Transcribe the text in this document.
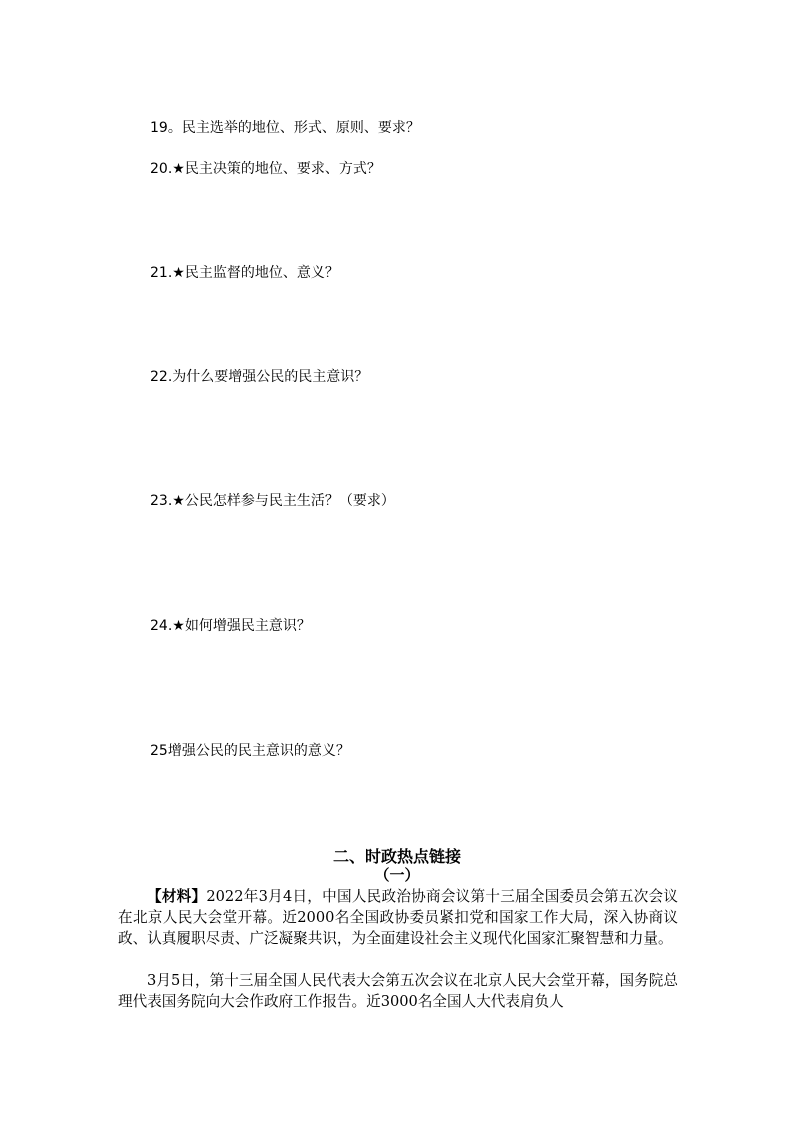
19。民主选举的地位、形式、原则、要求？
20.★民主决策的地位、要求、方式？
21.★民主监督的地位、意义？
22.为什么要增强公民的民主意识？
23.★公民怎样参与民主生活？（要求）
24.★如何增强民主意识？
25增强公民的民主意识的意义？
二、时政热点链接
（一）
【材料】2022年3月4日，中国人民政治协商会议第十三届全国委员会第五次会议在北京人民大会堂开幕。近2000名全国政协委员紧扣党和国家工作大局，深入协商议政、认真履职尽责、广泛凝聚共识，为全面建设社会主义现代化国家汇聚智慧和力量。
3月5日，第十三届全国人民代表大会第五次会议在北京人民大会堂开幕，国务院总理代表国务院向大会作政府工作报告。近3000名全国人大代表肩负人
